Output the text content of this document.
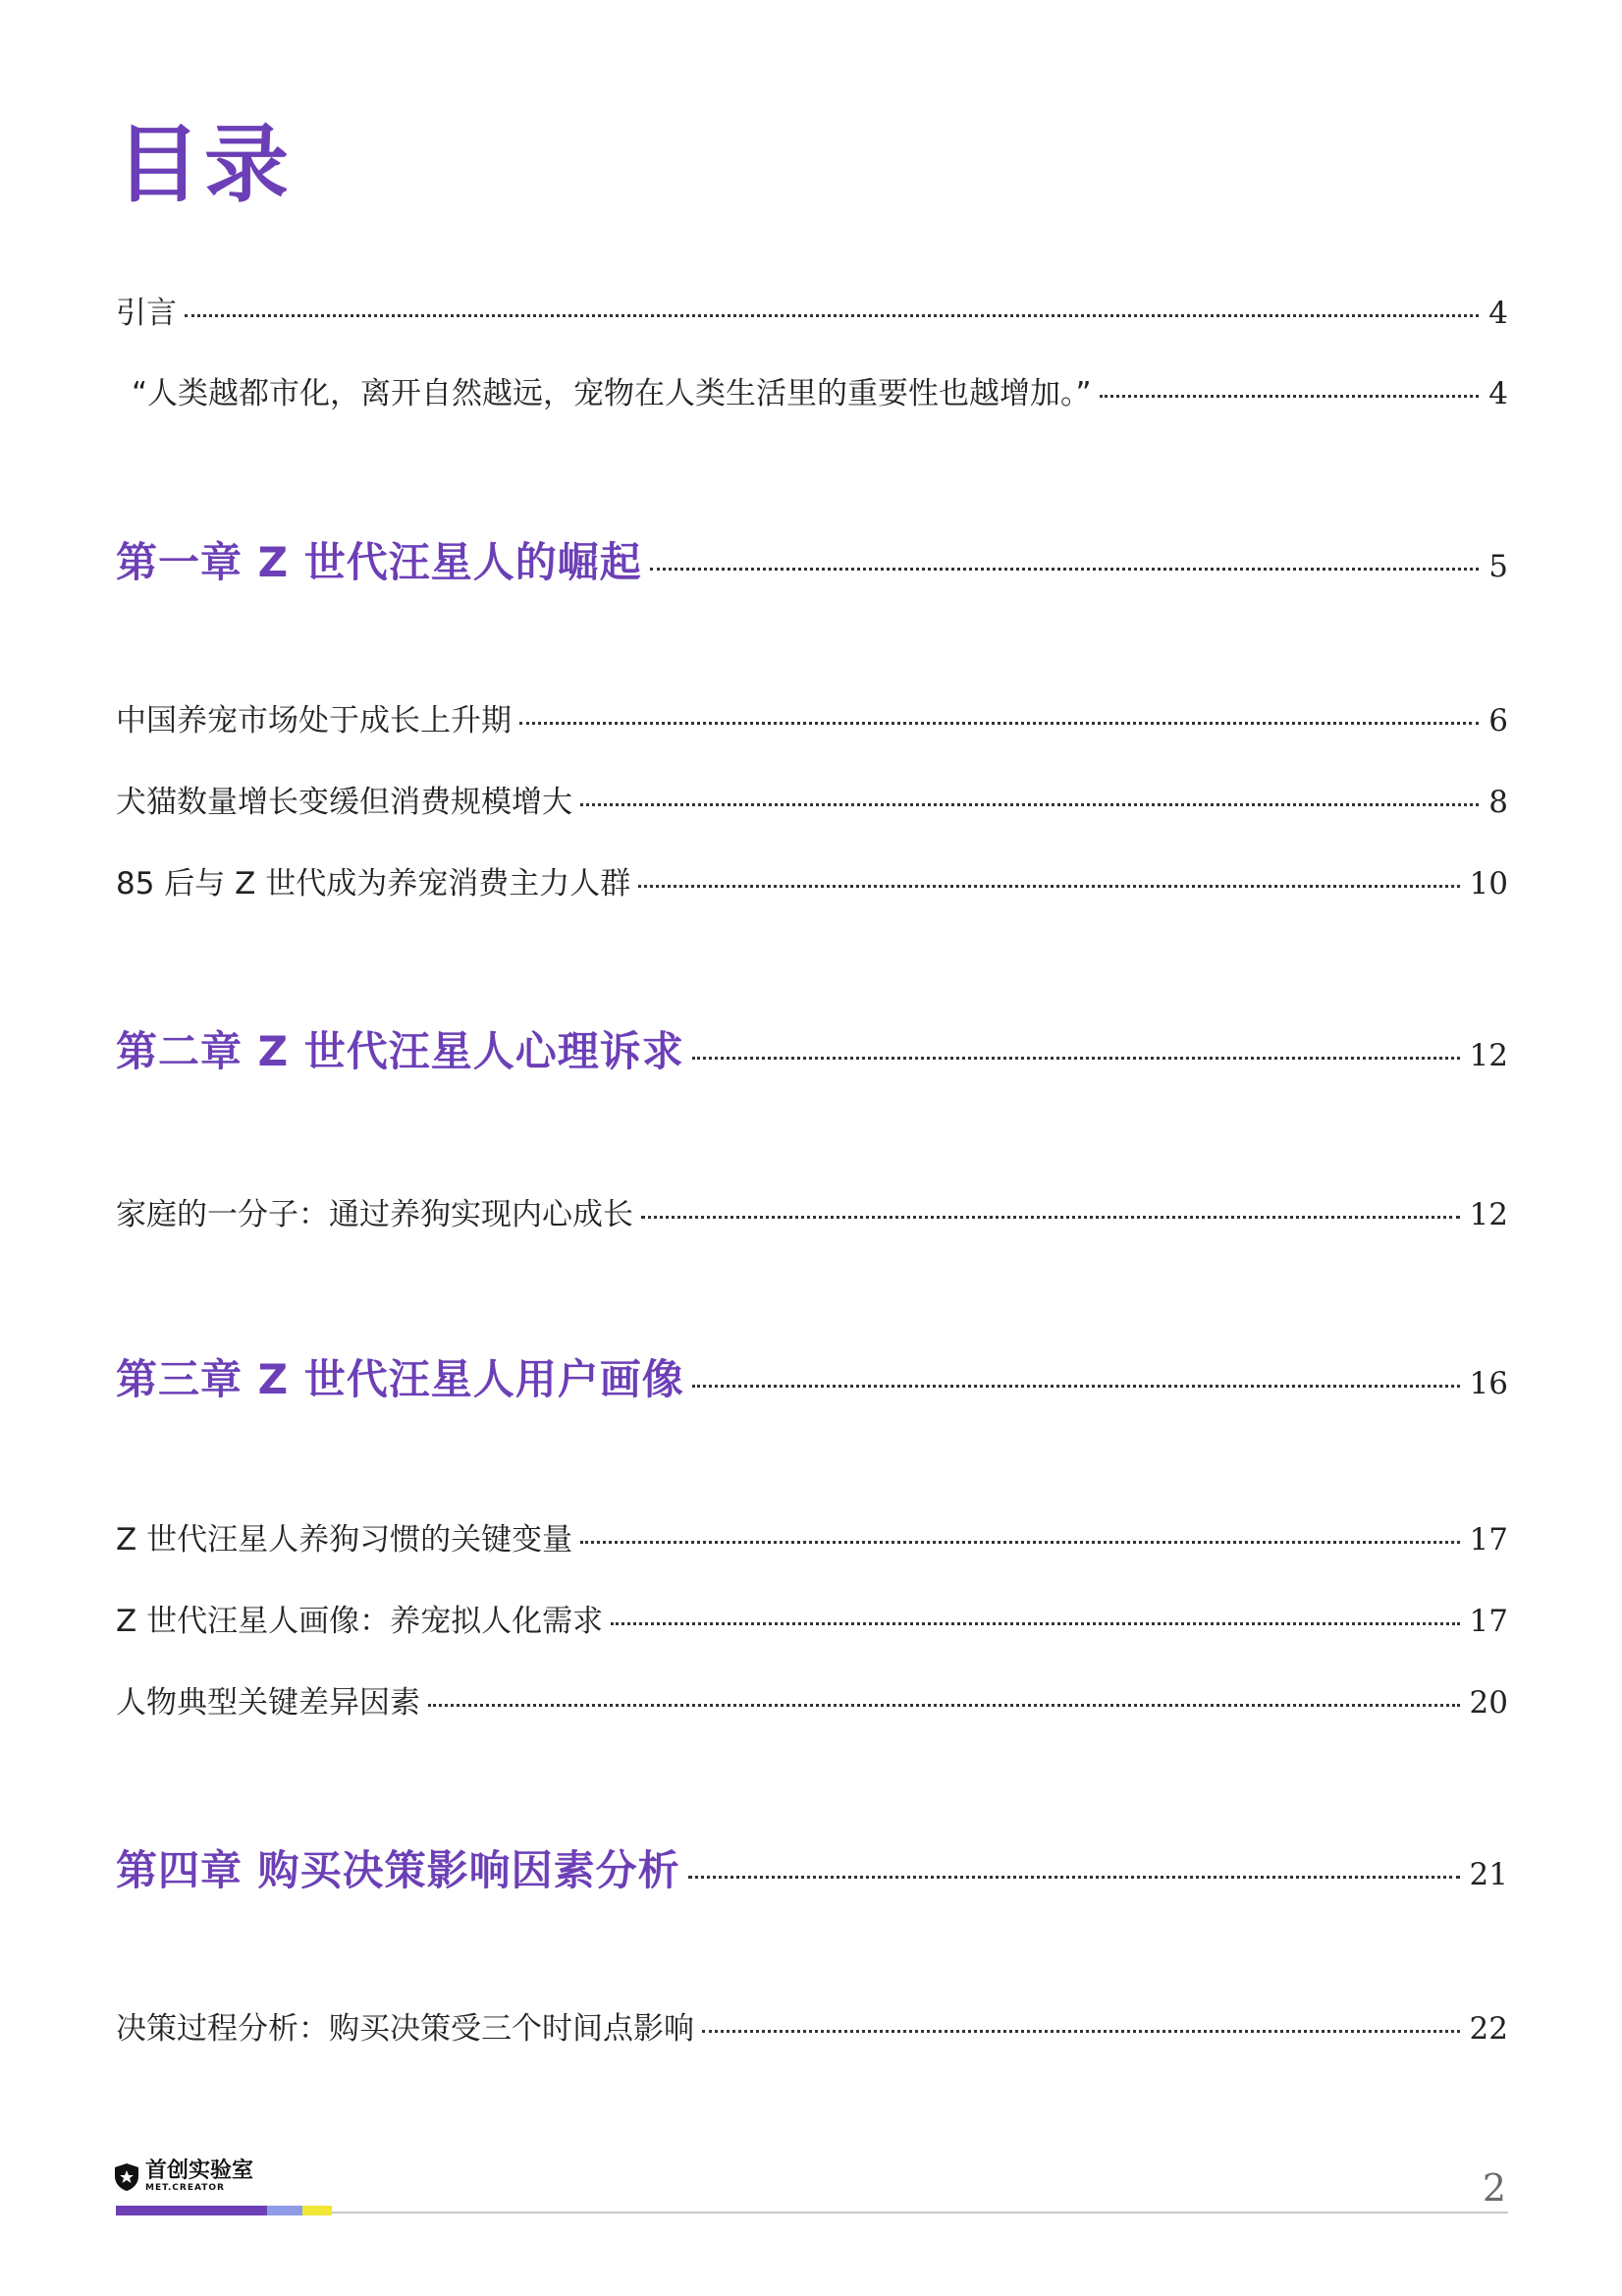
目录
引言	4
“人类越都市化，离开自然越远，宠物在人类生活里的重要性也越增加。”	4
第一章 Z 世代汪星人的崛起	5
中国养宠市场处于成长上升期	6
犬猫数量增长变缓但消费规模增大	8
85 后与 Z 世代成为养宠消费主力人群	10
第二章 Z 世代汪星人心理诉求	12
家庭的一分子：通过养狗实现内心成长	12
第三章 Z 世代汪星人用户画像	16
Z 世代汪星人养狗习惯的关键变量	17
Z 世代汪星人画像：养宠拟人化需求	17
人物典型关键差异因素	20
第四章 购买决策影响因素分析	21
决策过程分析：购买决策受三个时间点影响	22
首创实验室
MET.CREATOR	2
